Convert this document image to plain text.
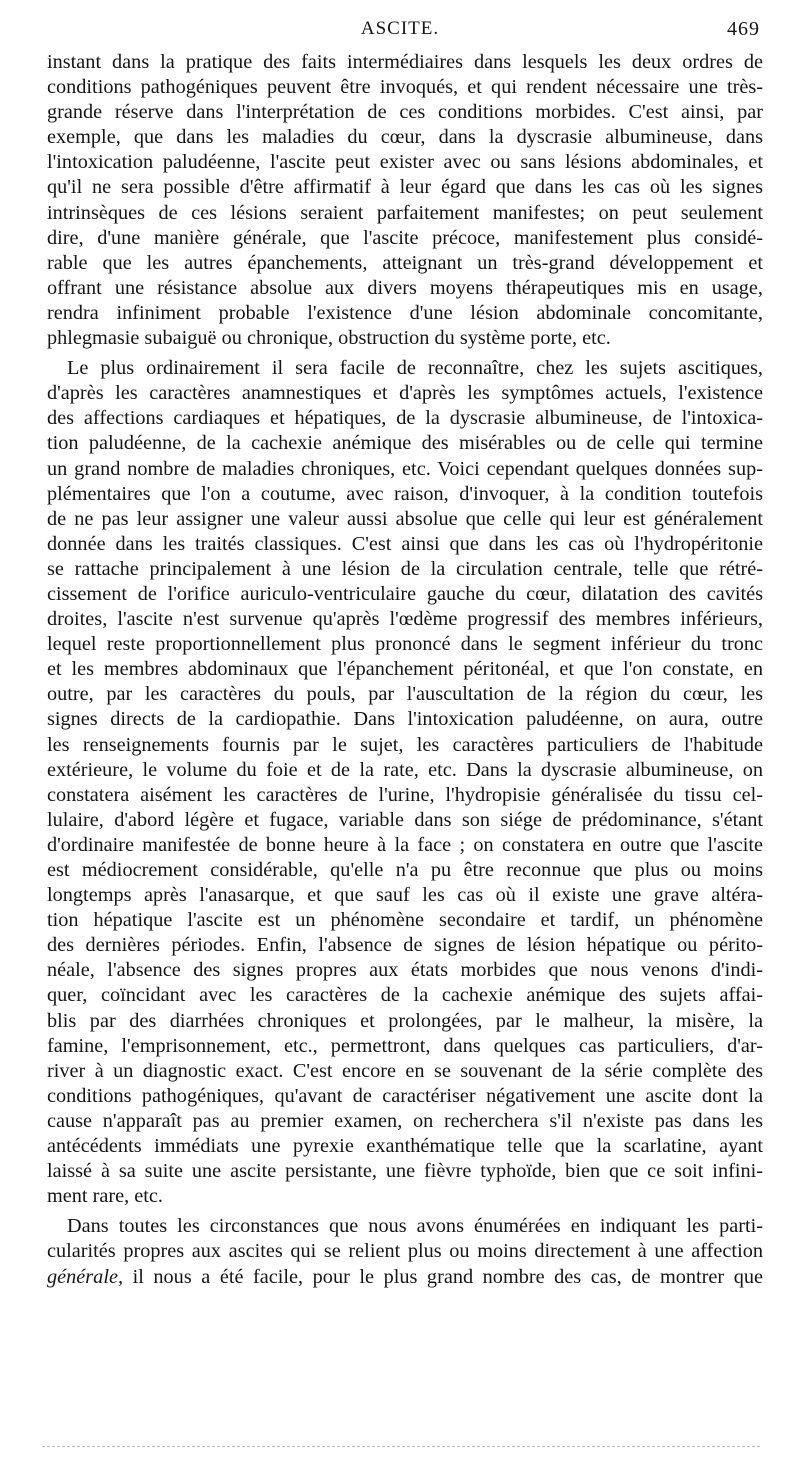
ASCITE.	469

instant dans la pratique des faits intermédiaires dans lesquels les deux ordres de
conditions pathogéniques peuvent être invoqués, et qui rendent nécessaire une très-
grande réserve dans l'interprétation de ces conditions morbides. C'est ainsi, par
exemple, que dans les maladies du cœur, dans la dyscrasie albumineuse, dans
l'intoxication paludéenne, l'ascite peut exister avec ou sans lésions abdominales, et
qu'il ne sera possible d'être affirmatif à leur égard que dans les cas où les signes
intrinsèques de ces lésions seraient parfaitement manifestes; on peut seulement
dire, d'une manière générale, que l'ascite précoce, manifestement plus considé-
rable que les autres épanchements, atteignant un très-grand développement et
offrant une résistance absolue aux divers moyens thérapeutiques mis en usage,
rendra infiniment probable l'existence d'une lésion abdominale concomitante,
phlegmasie subaiguë ou chronique, obstruction du système porte, etc.

Le plus ordinairement il sera facile de reconnaître, chez les sujets ascitiques,
d'après les caractères anamnestiques et d'après les symptômes actuels, l'existence
des affections cardiaques et hépatiques, de la dyscrasie albumineuse, de l'intoxica-
tion paludéenne, de la cachexie anémique des misérables ou de celle qui termine
un grand nombre de maladies chroniques, etc. Voici cependant quelques données sup-
plémentaires que l'on a coutume, avec raison, d'invoquer, à la condition toutefois
de ne pas leur assigner une valeur aussi absolue que celle qui leur est généralement
donnée dans les traités classiques. C'est ainsi que dans les cas où l'hydropéritonie
se rattache principalement à une lésion de la circulation centrale, telle que rétré-
cissement de l'orifice auriculo-ventriculaire gauche du cœur, dilatation des cavités
droites, l'ascite n'est survenue qu'après l'œdème progressif des membres inférieurs,
lequel reste proportionnellement plus prononcé dans le segment inférieur du tronc
et les membres abdominaux que l'épanchement péritonéal, et que l'on constate, en
outre, par les caractères du pouls, par l'auscultation de la région du cœur, les
signes directs de la cardiopathie. Dans l'intoxication paludéenne, on aura, outre
les renseignements fournis par le sujet, les caractères particuliers de l'habitude
extérieure, le volume du foie et de la rate, etc. Dans la dyscrasie albumineuse, on
constatera aisément les caractères de l'urine, l'hydropisie généralisée du tissu cel-
lulaire, d'abord légère et fugace, variable dans son siége de prédominance, s'étant
d'ordinaire manifestée de bonne heure à la face ; on constatera en outre que l'ascite
est médiocrement considérable, qu'elle n'a pu être reconnue que plus ou moins
longtemps après l'anasarque, et que sauf les cas où il existe une grave altéra-
tion hépatique l'ascite est un phénomène secondaire et tardif, un phénomène
des dernières périodes. Enfin, l'absence de signes de lésion hépatique ou périto-
néale, l'absence des signes propres aux états morbides que nous venons d'indi-
quer, coïncidant avec les caractères de la cachexie anémique des sujets affai-
blis par des diarrhées chroniques et prolongées, par le malheur, la misère, la
famine, l'emprisonnement, etc., permettront, dans quelques cas particuliers, d'ar-
river à un diagnostic exact. C'est encore en se souvenant de la série complète des
conditions pathogéniques, qu'avant de caractériser négativement une ascite dont la
cause n'apparaît pas au premier examen, on recherchera s'il n'existe pas dans les
antécédents immédiats une pyrexie exanthématique telle que la scarlatine, ayant
laissé à sa suite une ascite persistante, une fièvre typhoïde, bien que ce soit infini-
ment rare, etc.

Dans toutes les circonstances que nous avons énumérées en indiquant les parti-
cularités propres aux ascites qui se relient plus ou moins directement à une affection
générale, il nous a été facile, pour le plus grand nombre des cas, de montrer que
